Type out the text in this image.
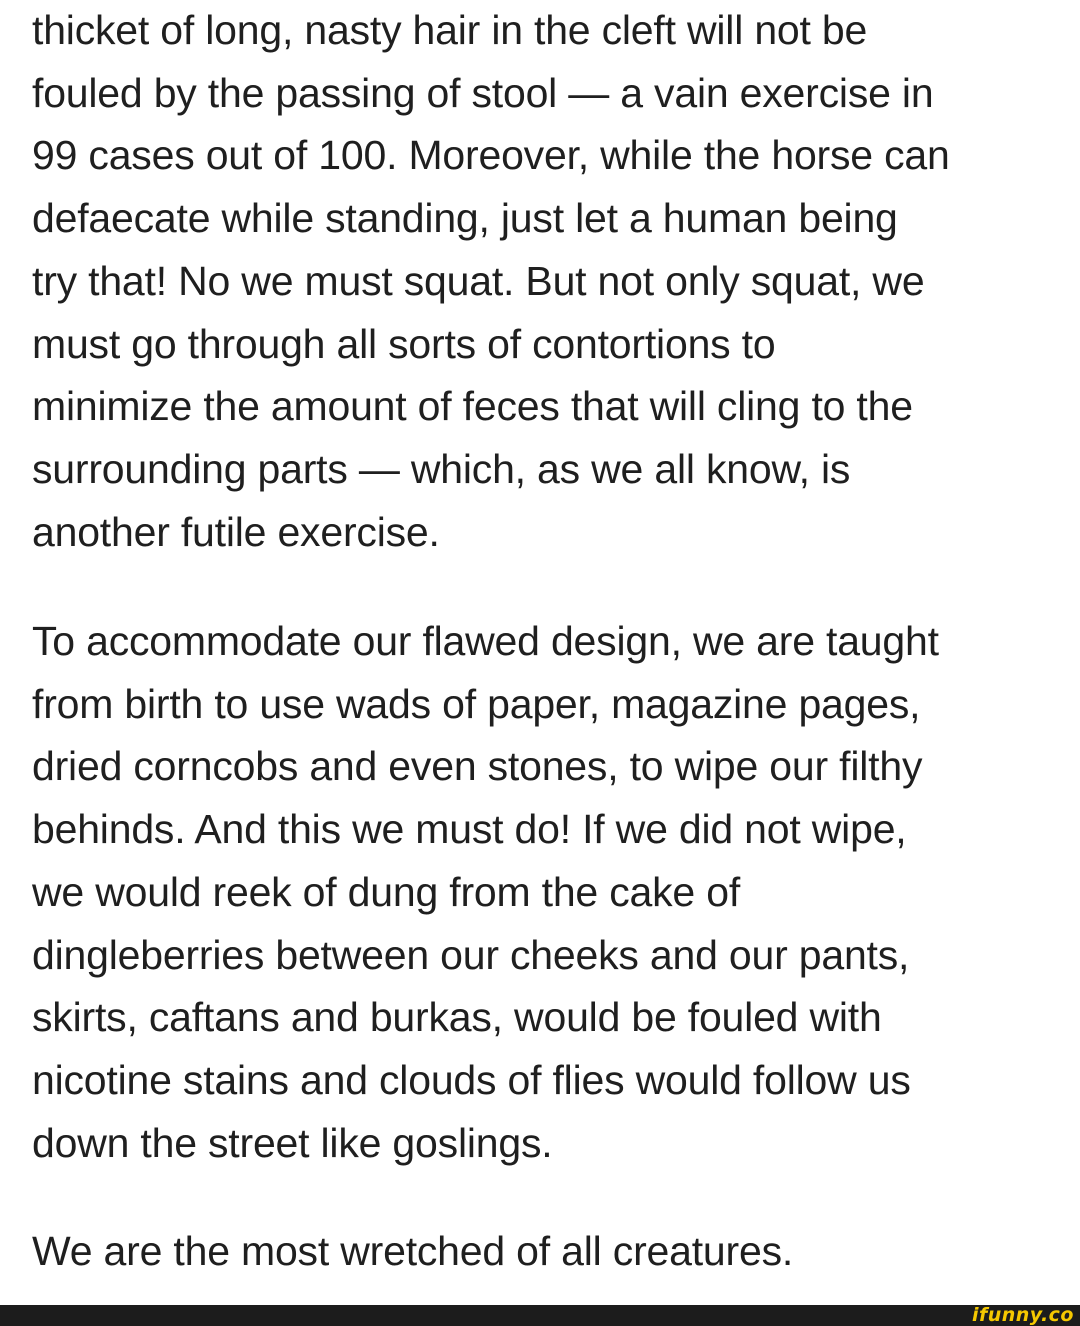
thicket of long, nasty hair in the cleft will not be
fouled by the passing of stool — a vain exercise in
99 cases out of 100. Moreover, while the horse can
defaecate while standing, just let a human being
try that! No we must squat. But not only squat, we
must go through all sorts of contortions to
minimize the amount of feces that will cling to the
surrounding parts — which, as we all know, is
another futile exercise.

To accommodate our flawed design, we are taught
from birth to use wads of paper, magazine pages,
dried corncobs and even stones, to wipe our filthy
behinds. And this we must do! If we did not wipe,
we would reek of dung from the cake of
dingleberries between our cheeks and our pants,
skirts, caftans and burkas, would be fouled with
nicotine stains and clouds of flies would follow us
down the street like goslings.

We are the most wretched of all creatures.

ifunny.co
